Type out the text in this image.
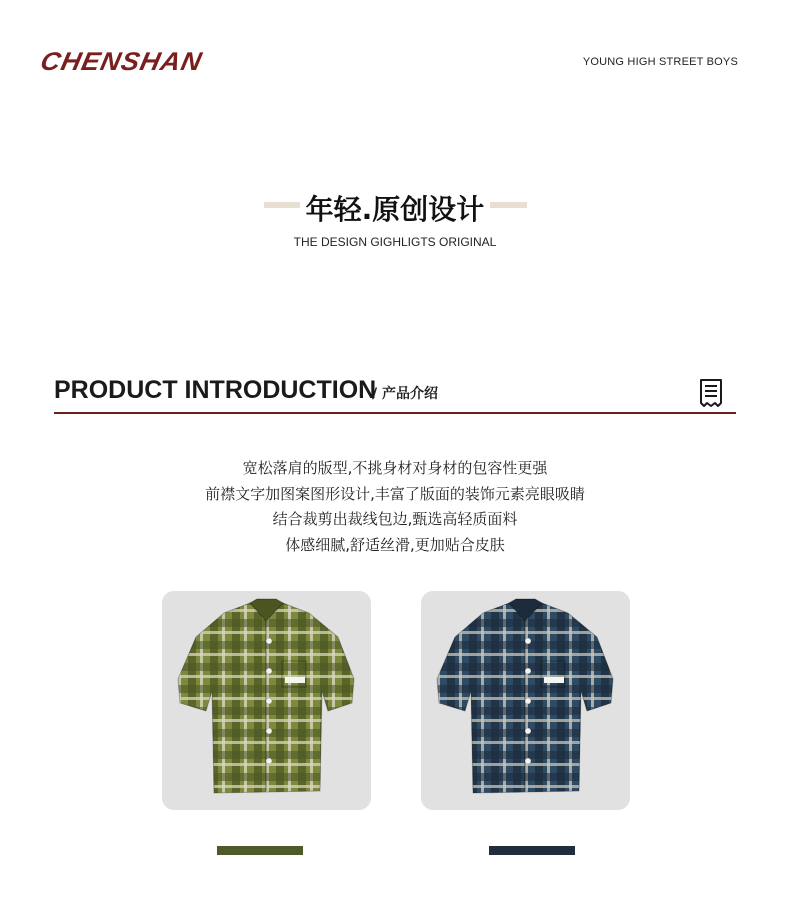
CHENSHAN	YOUNG HIGH STREET BOYS
年轻.原创设计
THE DESIGN GIGHLIGTS ORIGINAL
PRODUCT INTRODUCTION
/ 产品介绍
宽松落肩的版型,不挑身材对身材的包容性更强
前襟文字加图案图形设计,丰富了版面的装饰元素亮眼吸睛
结合裁剪出裁线包边,甄选高轻质面料
体感细腻,舒适丝滑,更加贴合皮肤
